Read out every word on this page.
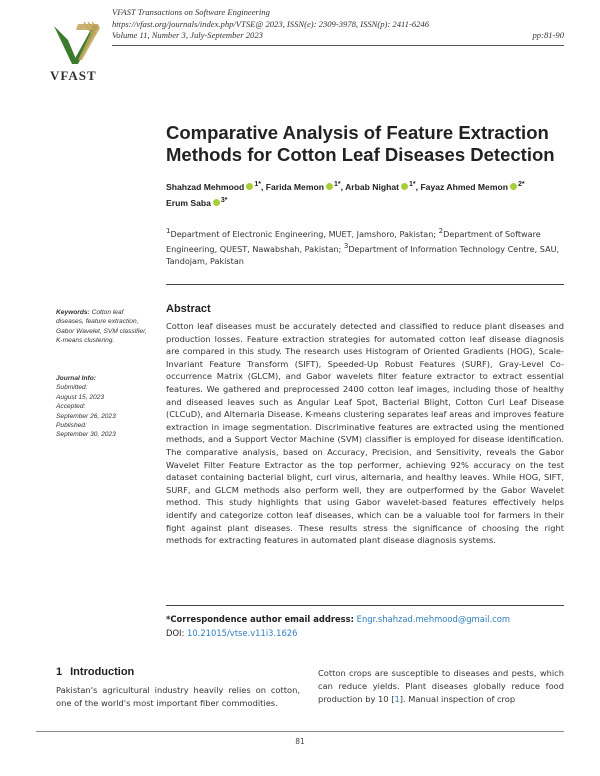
VFAST
VFAST Transactions on Software Engineering
https://vfast.org/journals/index.php/VTSE@ 2023, ISSN(e): 2309-3978, ISSN(p): 2411-6246
Volume 11, Number 3, July-September 2023	pp:81-90
Comparative Analysis of Feature Extraction Methods for Cotton Leaf Diseases Detection
Shahzad Mehmood $^{1*}$, Farida Memon $^{1*}$, Arbab Nighat $^{1*}$, Fayaz Ahmed Memon $^{2*}$
Erum Saba $^{3*}$
1Department of Electronic Engineering, MUET, Jamshoro, Pakistan; 2Department of Software Engineering, QUEST, Nawabshah, Pakistan; 3Department of Information Technology Centre, SAU, Tandojam, Pakistan
Keywords: Cotton leaf diseases, feature extraction, Gabor Wavelet, SVM classifier, K-means clustering.
Journal Info:
Submitted:
August 15, 2023
Accepted:
September 26, 2023
Published:
September 30, 2023
Abstract
Cotton leaf diseases must be accurately detected and classified to reduce plant diseases and production losses. Feature extraction strategies for automated cotton leaf disease diagnosis are compared in this study. The research uses Histogram of Oriented Gradients (HOG), Scale-Invariant Feature Transform (SIFT), Speeded-Up Robust Features (SURF), Gray-Level Co-occurrence Matrix (GLCM), and Gabor wavelets filter feature extractor to extract essential features. We gathered and preprocessed 2400 cotton leaf images, including those of healthy and diseased leaves such as Angular Leaf Spot, Bacterial Blight, Cotton Curl Leaf Disease (CLCuD), and Alternaria Disease. K-means clustering separates leaf areas and improves feature extraction in image segmentation. Discriminative features are extracted using the mentioned methods, and a Support Vector Machine (SVM) classifier is employed for disease identification. The comparative analysis, based on Accuracy, Precision, and Sensitivity, reveals the Gabor Wavelet Filter Feature Extractor as the top performer, achieving 92% accuracy on the test dataset containing bacterial blight, curl virus, alternaria, and healthy leaves. While HOG, SIFT, SURF, and GLCM methods also perform well, they are outperformed by the Gabor Wavelet method. This study highlights that using Gabor wavelet-based features effectively helps identify and categorize cotton leaf diseases, which can be a valuable tool for farmers in their fight against plant diseases. These results stress the significance of choosing the right methods for extracting features in automated plant disease diagnosis systems.
*Correspondence author email address: Engr.shahzad.mehmood@gmail.com
DOI: 10.21015/vtse.v11i3.1626
1 Introduction
Pakistan's agricultural industry heavily relies on cotton, one of the world's most important fiber commodities.
Cotton crops are susceptible to diseases and pests, which can reduce yields. Plant diseases globally reduce food production by 10 [1]. Manual inspection of crop
81
